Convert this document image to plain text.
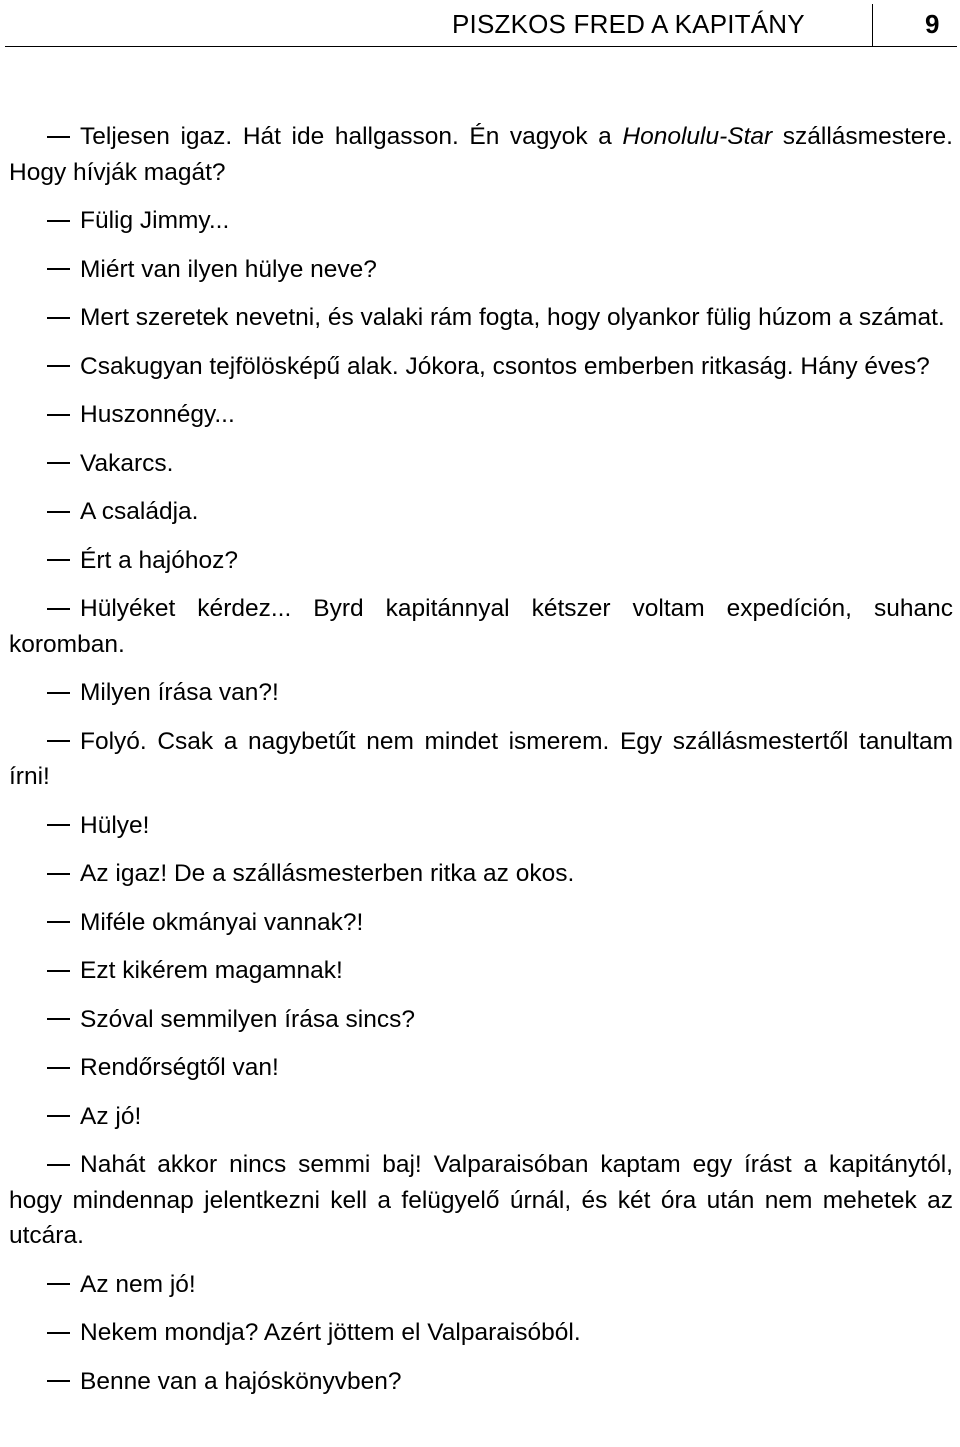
PISZKOS FRED A KAPITÁNY	9

Teljesen igaz. Hát ide hallgasson. Én vagyok a Honolulu-Star szállásmestere. Hogy hívják magát?

Fülig Jimmy...

Miért van ilyen hülye neve?

Mert szeretek nevetni, és valaki rám fogta, hogy olyankor fülig húzom a számat.

Csakugyan tejfölösképű alak. Jókora, csontos emberben ritkaság. Hány éves?

Huszonnégy...

Vakarcs.

A családja.

Ért a hajóhoz?

Hülyéket kérdez... Byrd kapitánnyal kétszer voltam expedíción, suhanc koromban.

Milyen írása van?!

Folyó. Csak a nagybetűt nem mindet ismerem. Egy szállásmestertől tanultam írni!

Hülye!

Az igaz! De a szállásmesterben ritka az okos.

Miféle okmányai vannak?!

Ezt kikérem magamnak!

Szóval semmilyen írása sincs?

Rendőrségtől van!

Az jó!

Nahát akkor nincs semmi baj! Valparaisóban kaptam egy írást a kapitánytól, hogy mindennap jelentkezni kell a felügyelő úrnál, és két óra után nem mehetek az utcára.

Az nem jó!

Nekem mondja? Azért jöttem el Valparaisóból.

Benne van a hajóskönyvben?
